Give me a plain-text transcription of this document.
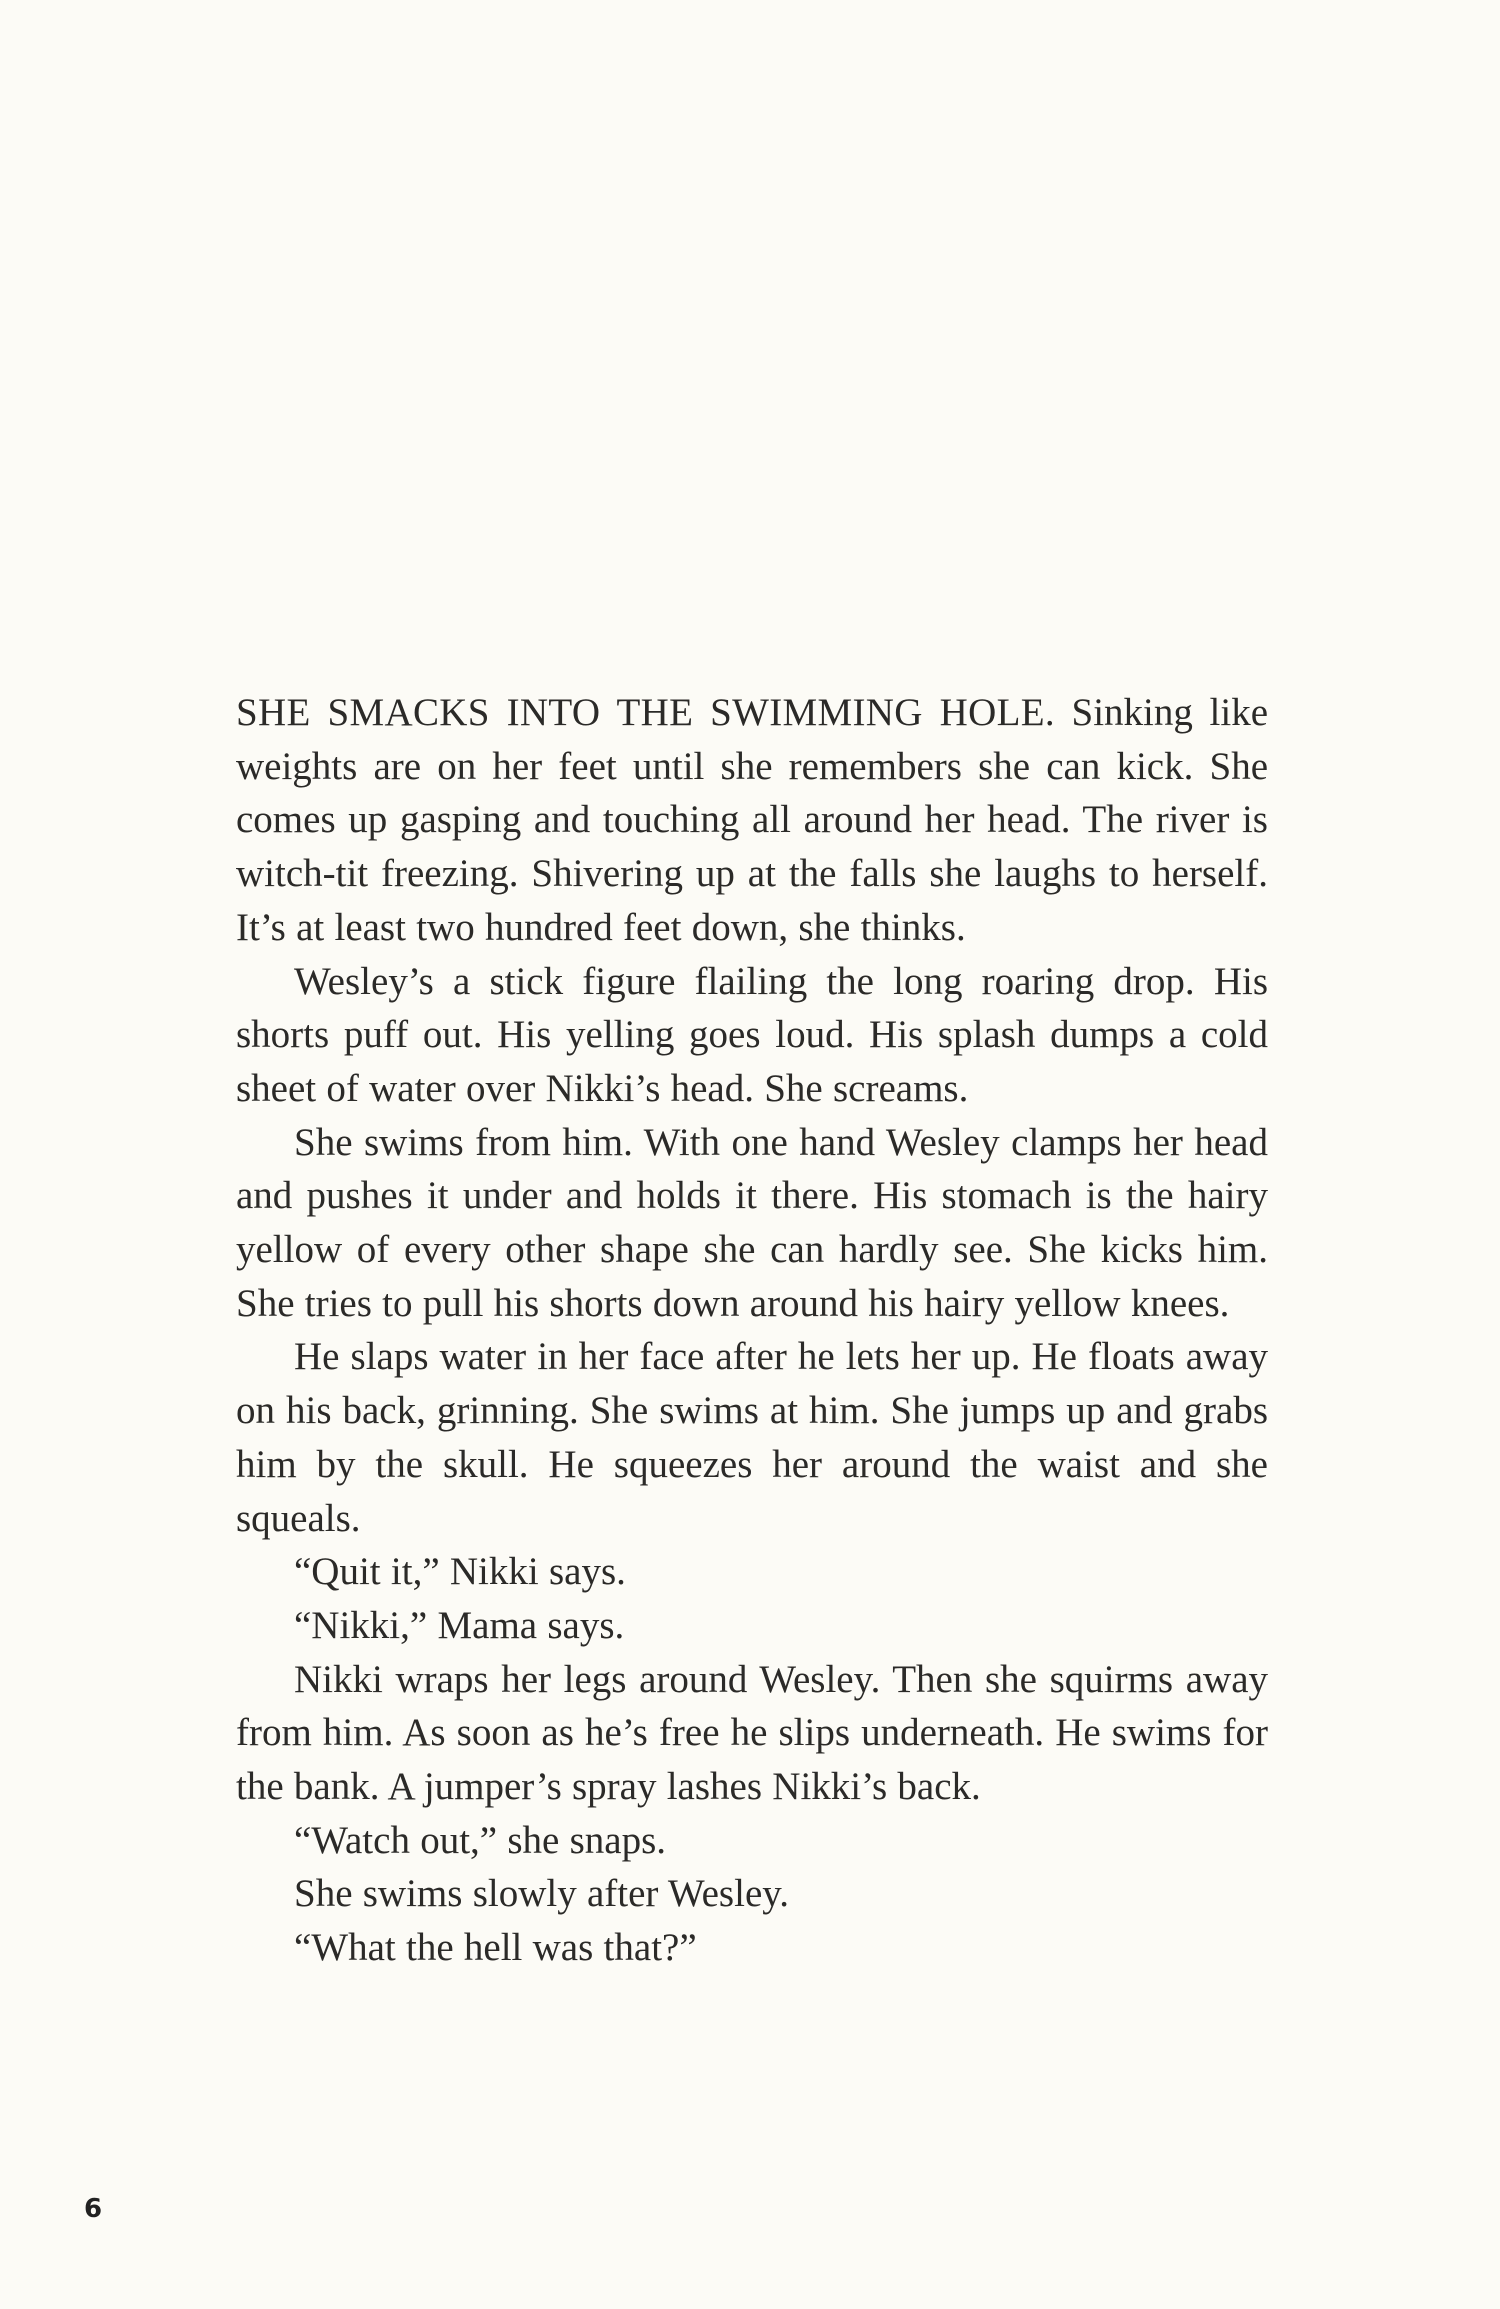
SHE SMACKS INTO THE SWIMMING HOLE. Sinking like weights are on her feet until she remembers she can kick. She comes up gasping and touching all around her head. The river is witch-tit freezing. Shivering up at the falls she laughs to herself. It’s at least two hundred feet down, she thinks.

Wesley’s a stick figure flailing the long roaring drop. His shorts puff out. His yelling goes loud. His splash dumps a cold sheet of water over Nikki’s head. She screams.

She swims from him. With one hand Wesley clamps her head and pushes it under and holds it there. His stomach is the hairy yellow of every other shape she can hardly see. She kicks him. She tries to pull his shorts down around his hairy yellow knees.

He slaps water in her face after he lets her up. He floats away on his back, grinning. She swims at him. She jumps up and grabs him by the skull. He squeezes her around the waist and she squeals.

“Quit it,” Nikki says.

“Nikki,” Mama says.

Nikki wraps her legs around Wesley. Then she squirms away from him. As soon as he’s free he slips underneath. He swims for the bank. A jumper’s spray lashes Nikki’s back.

“Watch out,” she snaps.

She swims slowly after Wesley.

“What the hell was that?”

6
